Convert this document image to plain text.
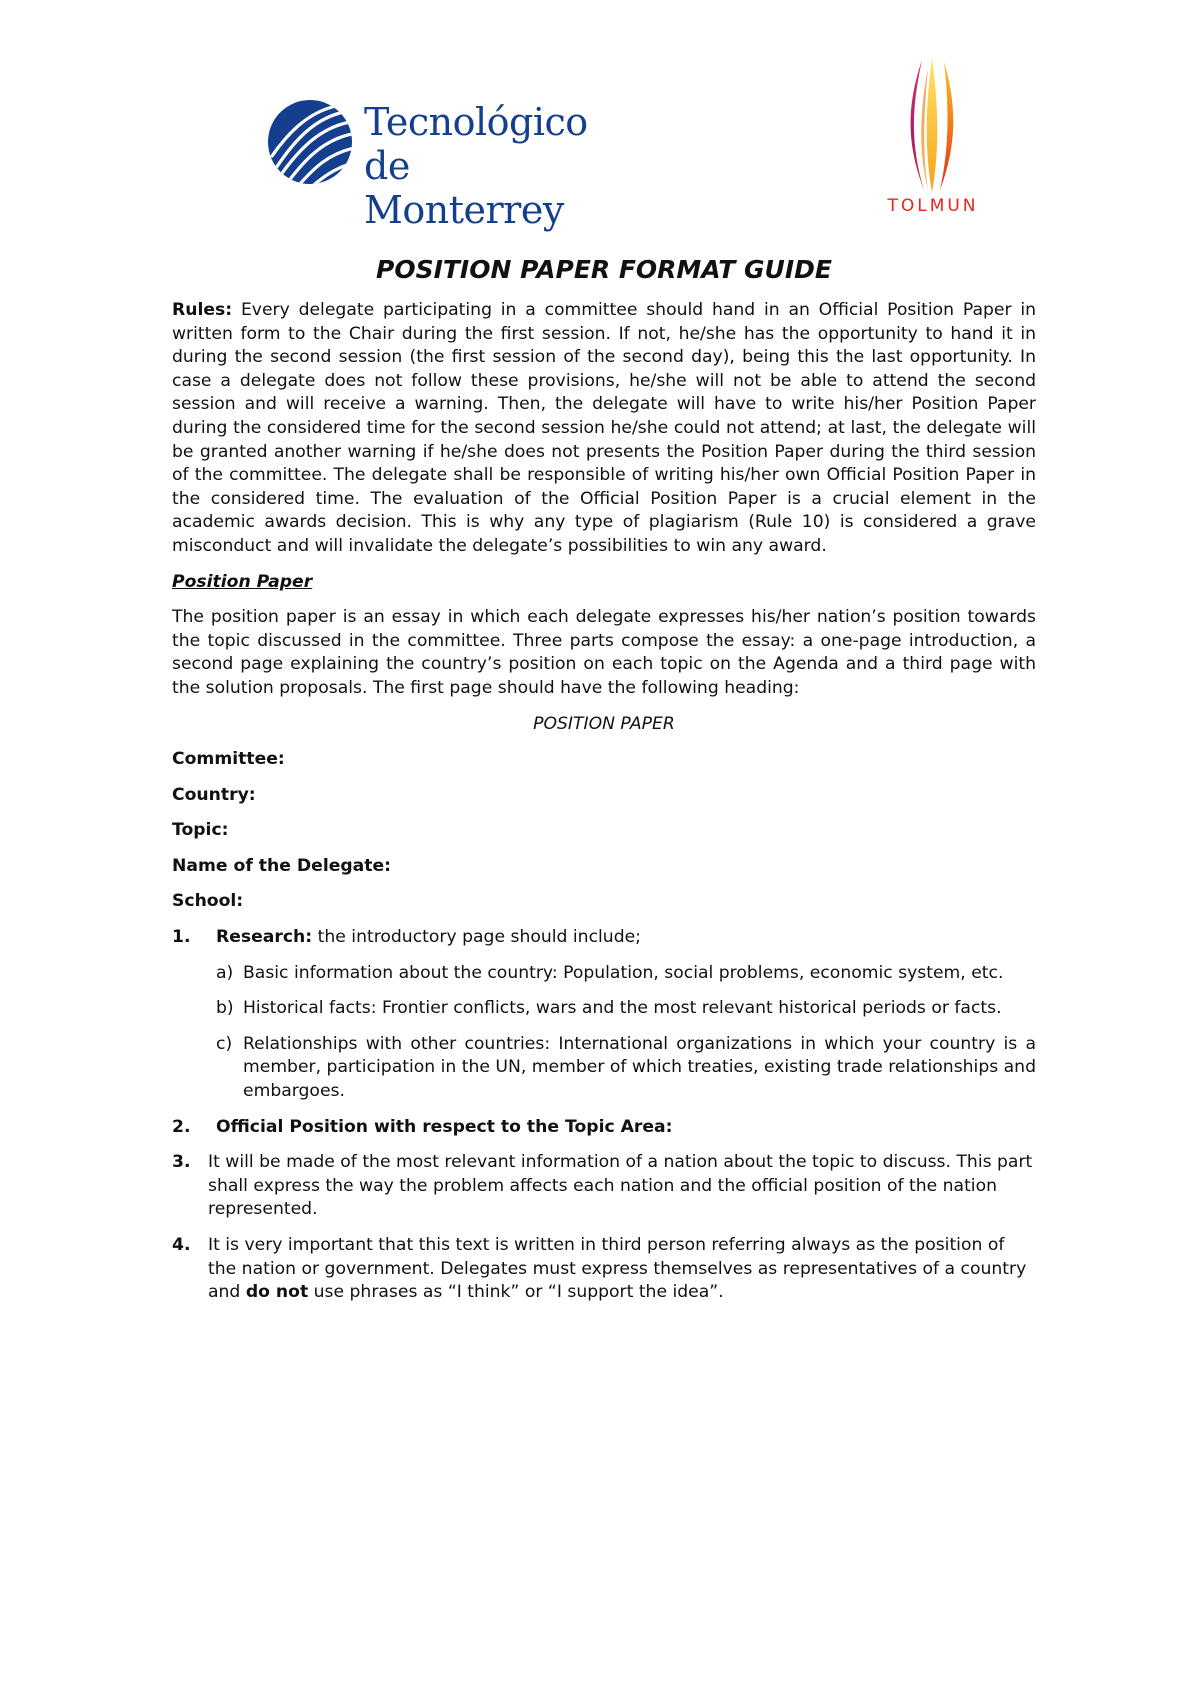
Tecnológico
de Monterrey	TOLMUN
POSITION PAPER FORMAT GUIDE

Rules: Every delegate participating in a committee should hand in an Official Position Paper in written form to the Chair during the first session. If not, he/she has the opportunity to hand it in during the second session (the first session of the second day), being this the last opportunity. In case a delegate does not follow these provisions, he/she will not be able to attend the second session and will receive a warning. Then, the delegate will have to write his/her Position Paper during the considered time for the second session he/she could not attend; at last, the delegate will be granted another warning if he/she does not presents the Position Paper during the third session of the committee. The delegate shall be responsible of writing his/her own Official Position Paper in the considered time. The evaluation of the Official Position Paper is a crucial element in the academic awards decision. This is why any type of plagiarism (Rule 10) is considered a grave misconduct and will invalidate the delegate’s possibilities to win any award.

Position Paper

The position paper is an essay in which each delegate expresses his/her nation’s position towards the topic discussed in the committee. Three parts compose the essay: a one-page introduction, a second page explaining the country’s position on each topic on the Agenda and a third page with the solution proposals. The first page should have the following heading:

POSITION PAPER
Committee:
Country:
Topic:
Name of the Delegate:
School:
1. Research: the introductory page should include;
a) Basic information about the country: Population, social problems, economic system, etc.
b) Historical facts: Frontier conflicts, wars and the most relevant historical periods or facts.
c) Relationships with other countries: International organizations in which your country is a member, participation in the UN, member of which treaties, existing trade relationships and embargoes.
2. Official Position with respect to the Topic Area:
3. It will be made of the most relevant information of a nation about the topic to discuss. This part shall express the way the problem affects each nation and the official position of the nation represented.
4. It is very important that this text is written in third person referring always as the position of the nation or government. Delegates must express themselves as representatives of a country and do not use phrases as “I think” or “I support the idea”.
